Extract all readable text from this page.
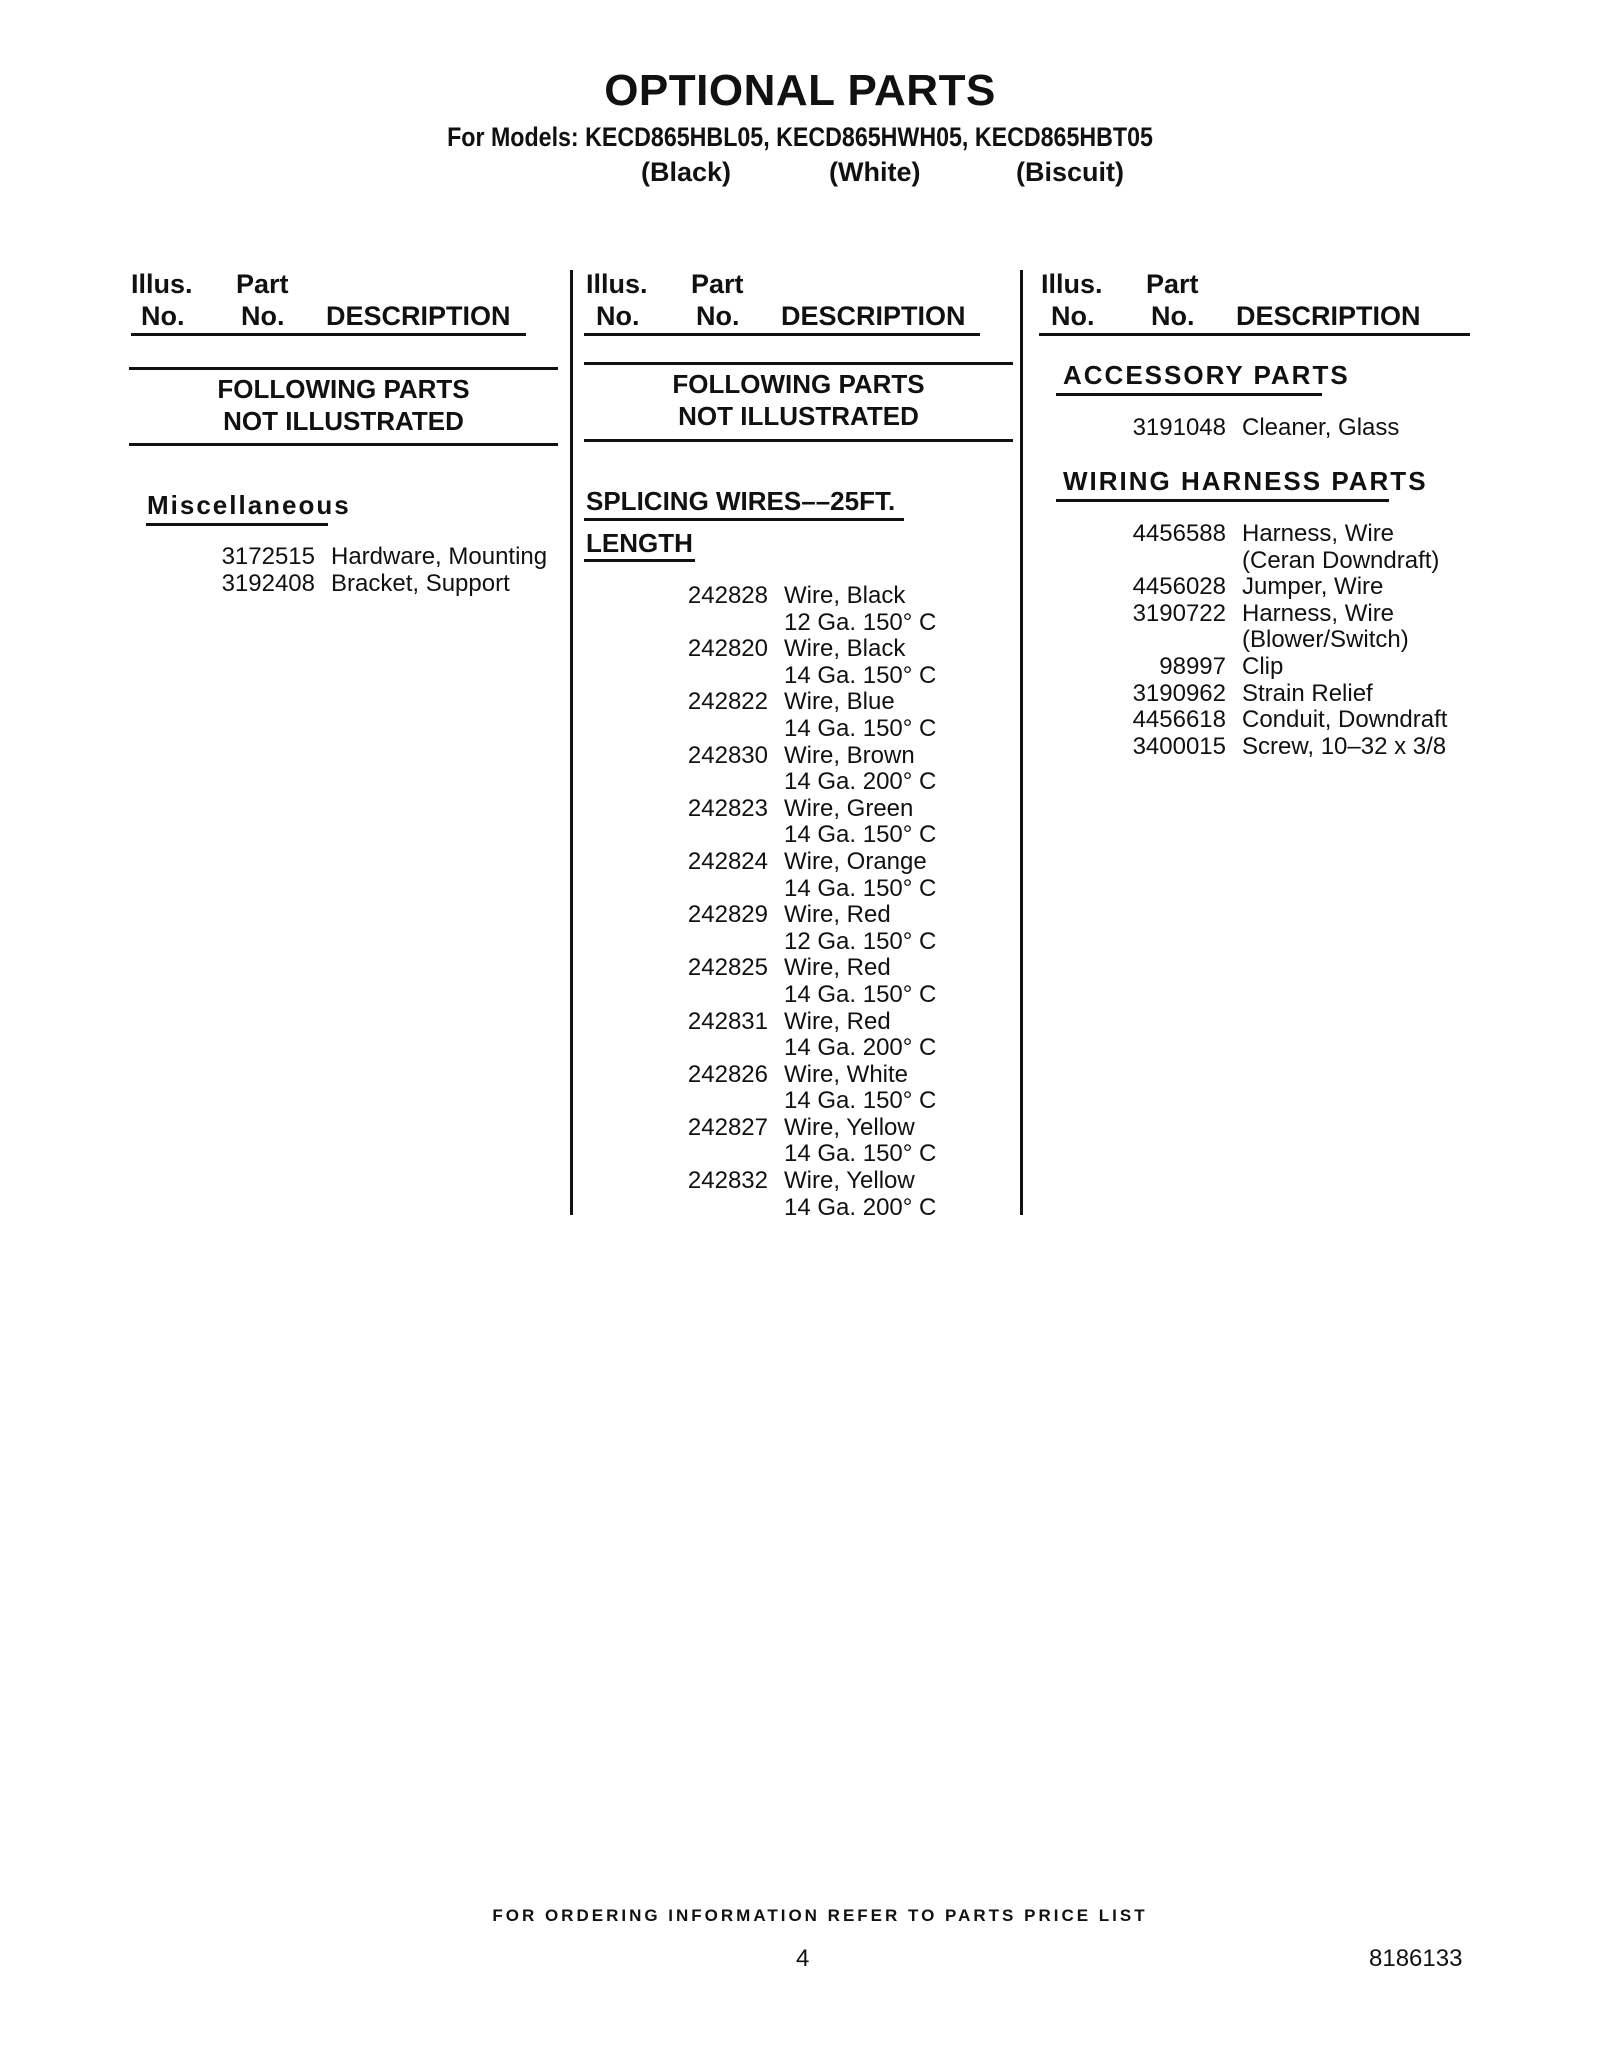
OPTIONAL PARTS
For Models: KECD865HBL05, KECD865HWH05, KECD865HBT05
(Black)	(White)	(Biscuit)
Illus.
No.
Part
No. DESCRIPTION
FOLLOWING PARTS
NOT ILLUSTRATED
Miscellaneous
3172515 Hardware, Mounting
3192408 Bracket, Support
Illus.
No.
Part
No. DESCRIPTION
FOLLOWING PARTS
NOT ILLUSTRATED
SPLICING WIRES––25FT.
LENGTH
242828 Wire, Black
12 Ga. 150° C
242820 Wire, Black
14 Ga. 150° C
242822 Wire, Blue
14 Ga. 150° C
242830 Wire, Brown
14 Ga. 200° C
242823 Wire, Green
14 Ga. 150° C
242824 Wire, Orange
14 Ga. 150° C
242829 Wire, Red
12 Ga. 150° C
242825 Wire, Red
14 Ga. 150° C
242831 Wire, Red
14 Ga. 200° C
242826 Wire, White
14 Ga. 150° C
242827 Wire, Yellow
14 Ga. 150° C
242832 Wire, Yellow
14 Ga. 200° C
Illus.
No.
Part
No. DESCRIPTION
ACCESSORY PARTS
3191048 Cleaner, Glass
WIRING HARNESS PARTS
4456588 Harness, Wire
(Ceran Downdraft)
4456028 Jumper, Wire
3190722 Harness, Wire
(Blower/Switch)
98997 Clip
3190962 Strain Relief
4456618 Conduit, Downdraft
3400015 Screw, 10–32 x 3/8
FOR ORDERING INFORMATION REFER TO PARTS PRICE LIST
4	8186133
